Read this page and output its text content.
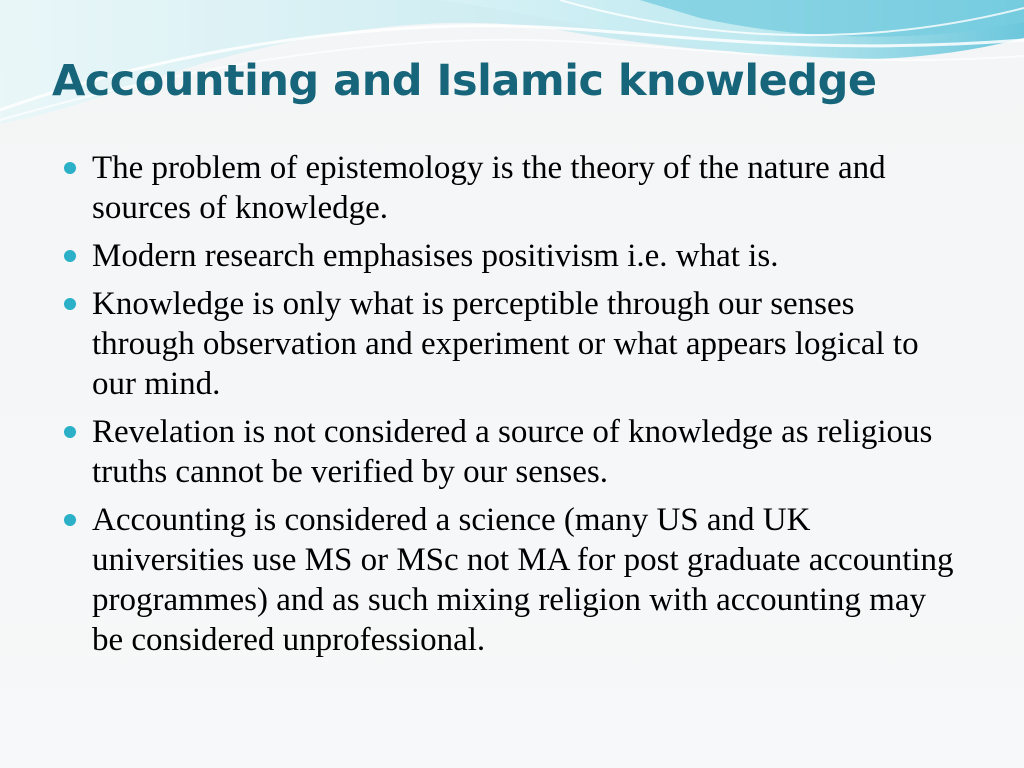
Accounting and Islamic knowledge
The problem of epistemology is the theory of the nature and sources of knowledge.
Modern research emphasises positivism i.e. what is.
Knowledge is only what is perceptible through our senses through observation and experiment or what appears logical to our mind.
Revelation is not considered a source of knowledge as religious truths cannot be verified by our senses.
Accounting is considered a science (many US and UK universities use MS or MSc not MA for post graduate accounting programmes) and as such mixing religion with accounting may be considered unprofessional.
